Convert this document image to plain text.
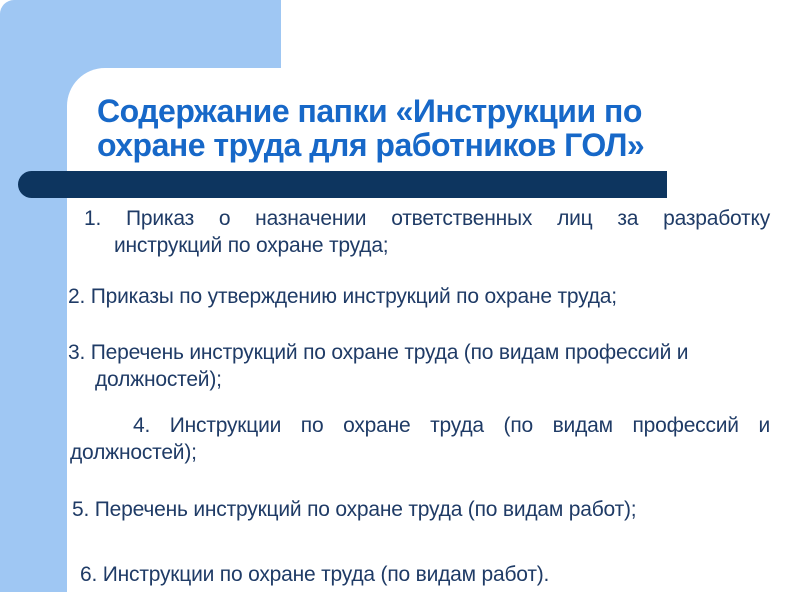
Содержание папки «Инструкции по
охране труда для работников ГОЛ»
1. Приказ о назначении ответственных лиц за разработку
инструкций по охране труда;
2. Приказы по утверждению инструкций по охране труда;
3. Перечень инструкций по охране труда (по видам профессий и
должностей);
4. Инструкции по охране труда (по видам профессий и
должностей);
5. Перечень инструкций по охране труда (по видам работ);
6. Инструкции по охране труда (по видам работ).
